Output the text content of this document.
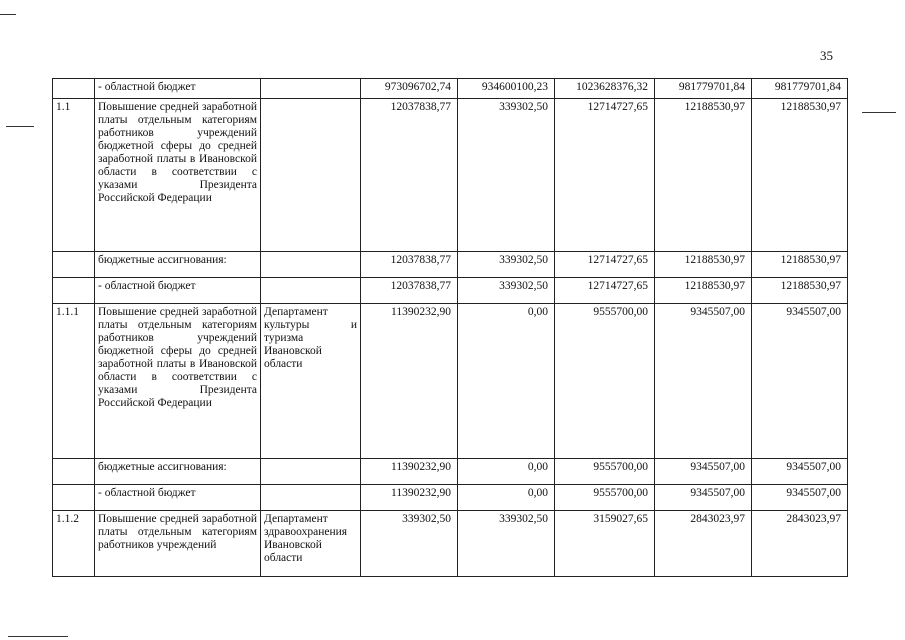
35
	- областной бюджет		973096702,74	934600100,23	1023628376,32	981779701,84	981779701,84
1.1	Повышение средней заработной платы отдельным категориям работников учреждений бюджетной сферы до средней заработной платы в Ивановской области в соответствии с указами Президента Российской Федерации		12037838,77	339302,50	12714727,65	12188530,97	12188530,97
	бюджетные ассигнования:		12037838,77	339302,50	12714727,65	12188530,97	12188530,97
	- областной бюджет		12037838,77	339302,50	12714727,65	12188530,97	12188530,97
1.1.1	Повышение средней заработной платы отдельным категориям работников учреждений бюджетной сферы до средней заработной платы в Ивановской области в соответствии с указами Президента Российской Федерации	Департамент культуры и туризма Ивановской области	11390232,90	0,00	9555700,00	9345507,00	9345507,00
	бюджетные ассигнования:		11390232,90	0,00	9555700,00	9345507,00	9345507,00
	- областной бюджет		11390232,90	0,00	9555700,00	9345507,00	9345507,00
1.1.2	Повышение средней заработной платы отдельным категориям работников учреждений	Департамент здравоохранения Ивановской области	339302,50	339302,50	3159027,65	2843023,97	2843023,97
